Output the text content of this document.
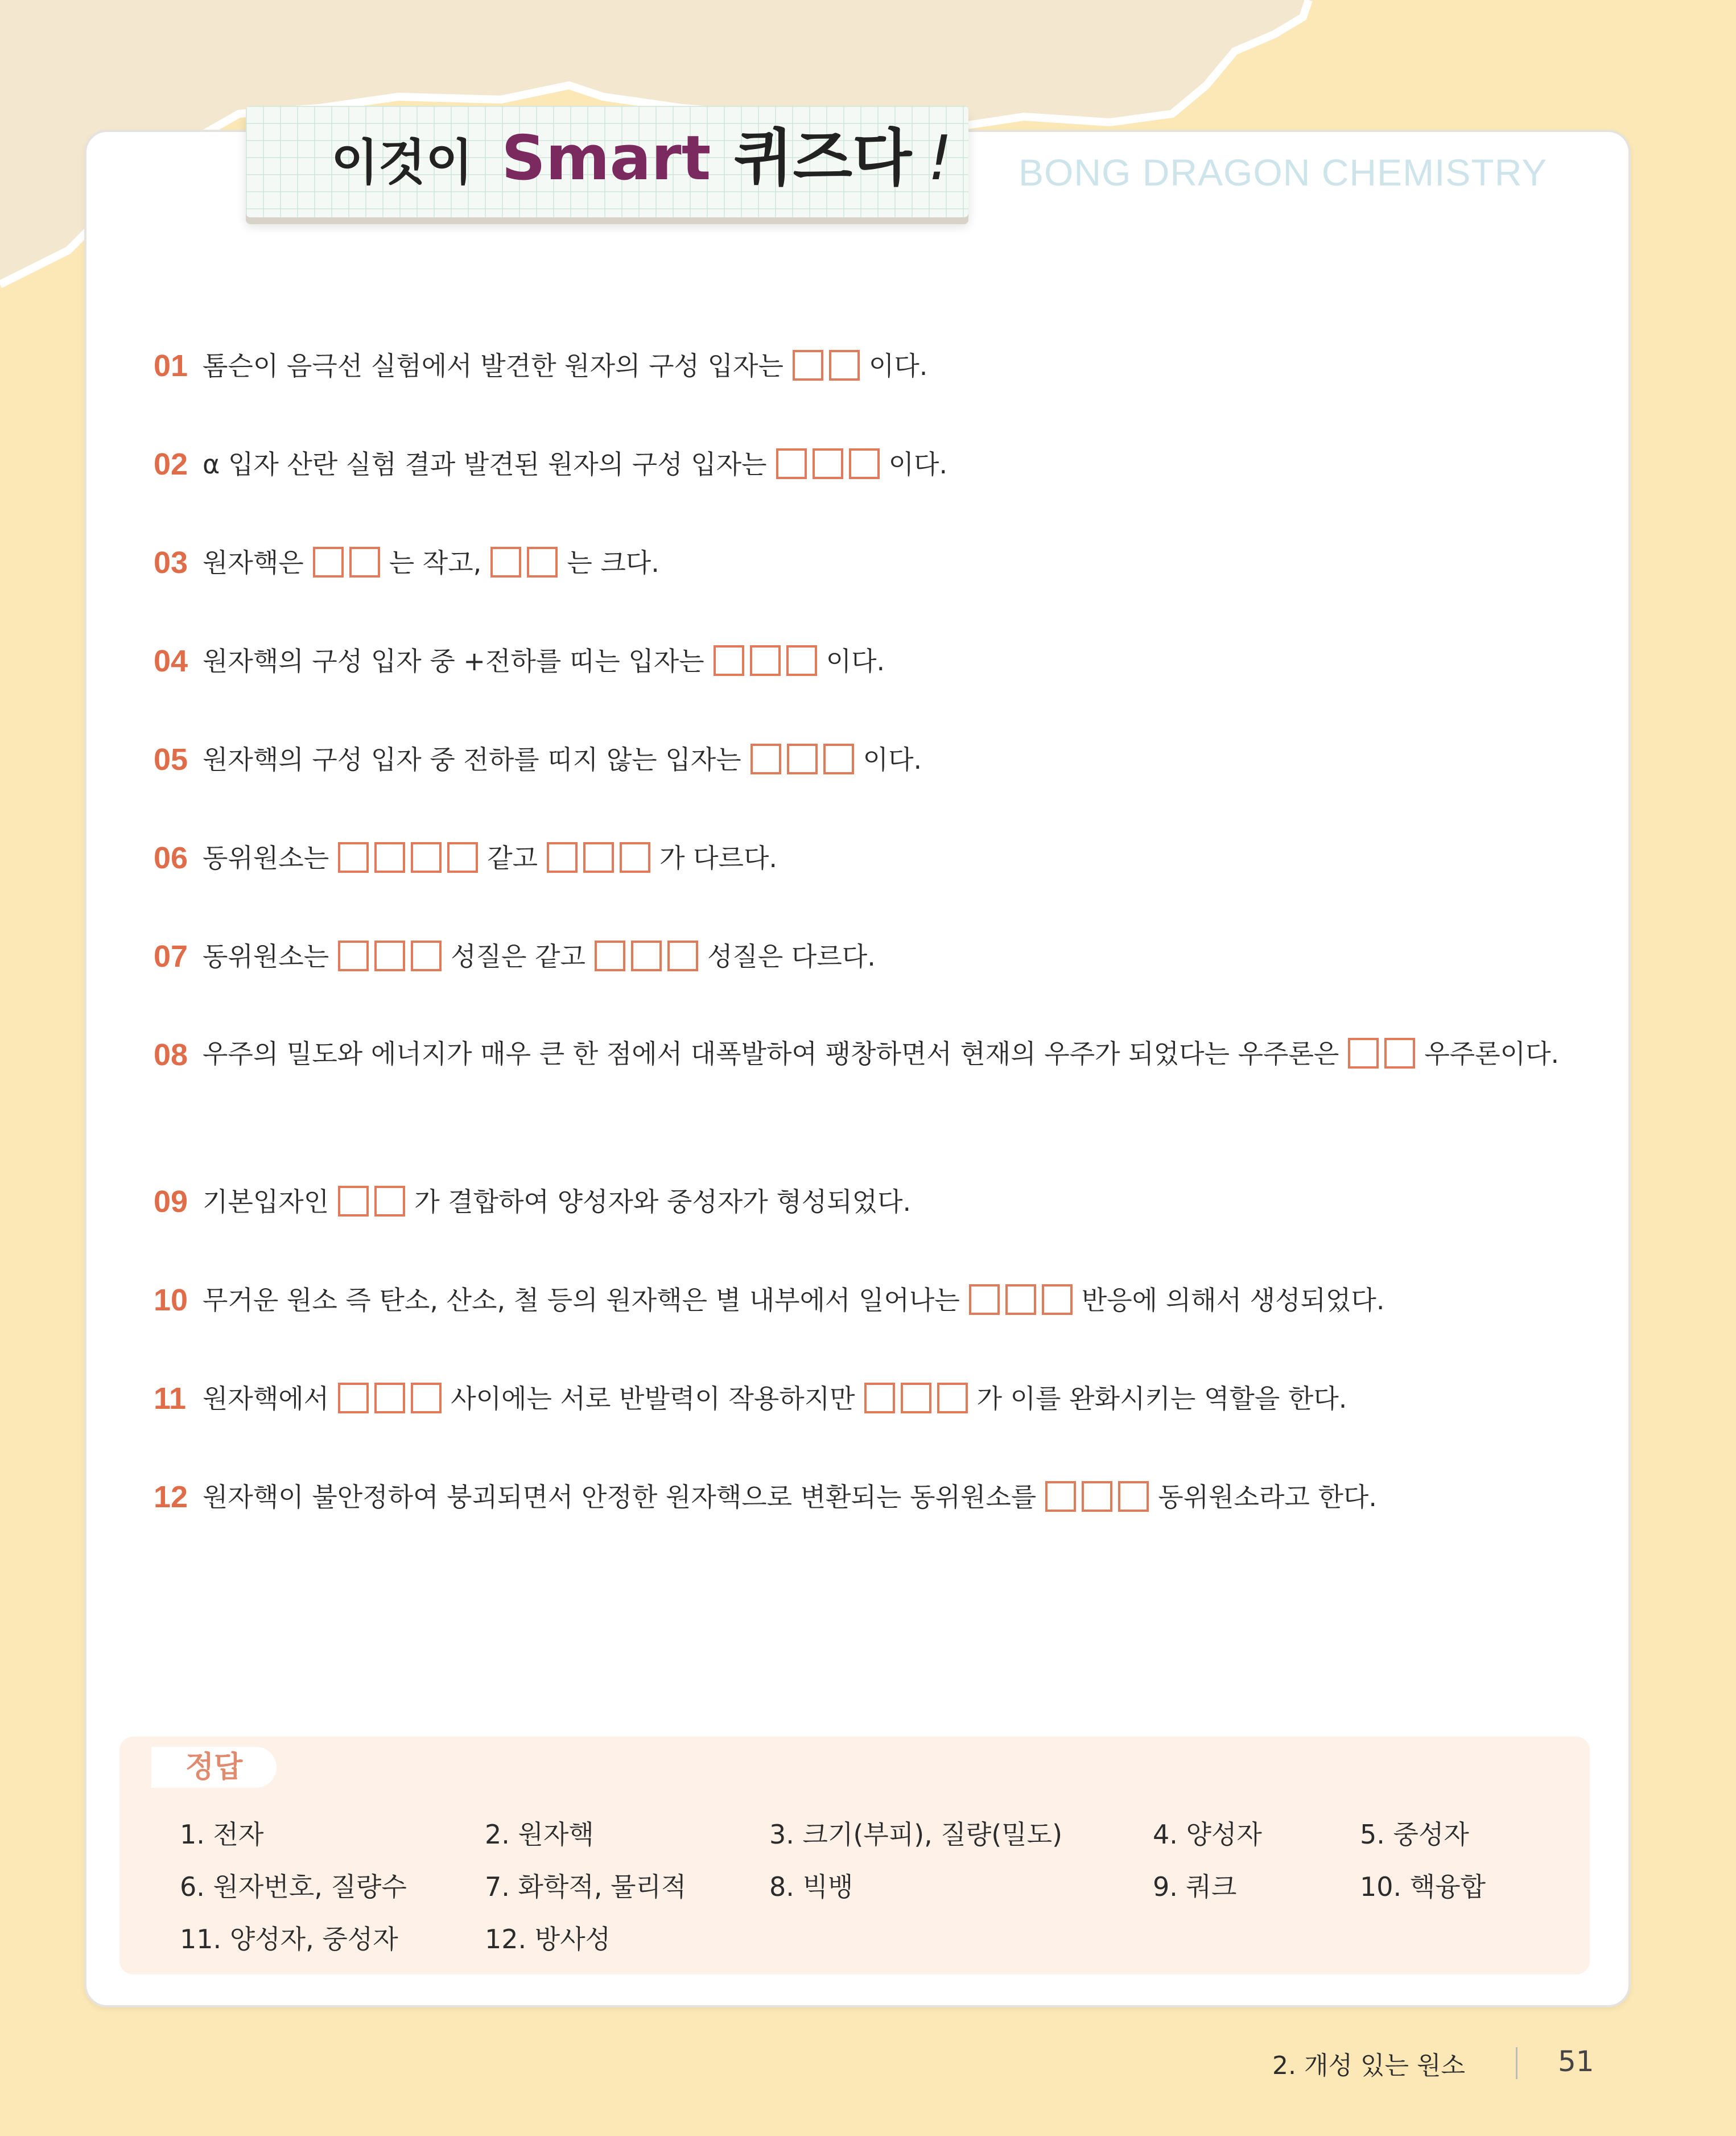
BONG DRAGON CHEMISTRY
이것이 Smart 퀴즈다 !
01 톰슨이 음극선 실험에서 발견한 원자의 구성 입자는	이다.
02 α 입자 산란 실험 결과 발견된 원자의 구성 입자는	이다.
03 원자핵은	는 작고,	는 크다.
04 원자핵의 구성 입자 중 +전하를 띠는 입자는	이다.
05 원자핵의 구성 입자 중 전하를 띠지 않는 입자는	이다.
06 동위원소는	같고	가 다르다.
07 동위원소는	성질은 같고	성질은 다르다.
08 우주의 밀도와 에너지가 매우 큰 한 점에서 대폭발하여 팽창하면서 현재의 우주가 되었다는 우주론은	우주론이다.
09 기본입자인	가 결합하여 양성자와 중성자가 형성되었다.
10 무거운 원소 즉 탄소, 산소, 철 등의 원자핵은 별 내부에서 일어나는	반응에 의해서 생성되었다.
11 원자핵에서	사이에는 서로 반발력이 작용하지만	가 이를 완화시키는 역할을 한다.
12 원자핵이 불안정하여 붕괴되면서 안정한 원자핵으로 변환되는 동위원소를	동위원소라고 한다.
정답
1. 전자	2. 원자핵	3. 크기(부피), 질량(밀도)	4. 양성자	5. 중성자
6. 원자번호, 질량수	7. 화학적, 물리적	8. 빅뱅	9. 쿼크	10. 핵융합
11. 양성자, 중성자	12. 방사성
2. 개성 있는 원소	51
